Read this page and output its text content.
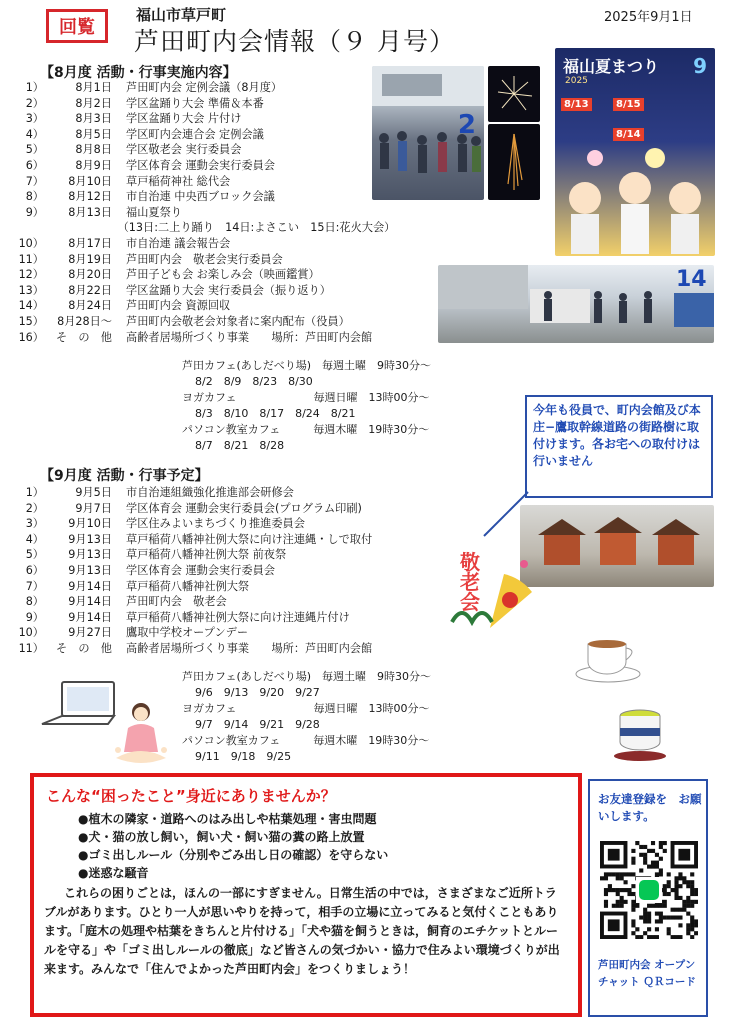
回覧
福山市草戸町
芦田町内会情報（９ 月号）
2025年9月1日
【8月度 活動・行事実施内容】
1）	8月1日 芦田町内会 定例会議（8月度）
2）	8月2日 学区盆踊り大会 準備＆本番
3）	8月3日 学区盆踊り大会 片付け
4）	8月5日 学区町内会連合会 定例会議
5）	8月8日 学区敬老会 実行委員会
6）	8月9日 学区体育会 運動会実行委員会
7）	8月10日 草戸稲荷神社 総代会
8）	8月12日 市自治連 中央西ブロック会議
9）	8月13日 福山夏祭り
　（13日:二上り踊り　14日:よさこい　15日:花火大会）
10）	8月17日 市自治連 議会報告会
11）	8月19日 芦田町内会　敬老会実行委員会
12）	8月20日 芦田子ども会 お楽しみ会（映画鑑賞）
13）	8月22日 学区盆踊り大会 実行委員会（振り返り）
14）	8月24日 芦田町内会 資源回収
15）	8月28日～ 芦田町内会敬老会対象者に案内配布（役員）
16）	そ　の　他 高齢者居場所づくり事業　　場所：芦田町内会館
芦田カフェ(あしだべり場)　毎週土曜　9時30分～
8/2　8/9　8/23　8/30
ヨガカフェ　　　　　　　毎週日曜　13時00分～
8/3　8/10　8/17　8/24　8/21
パソコン教室カフェ　　　毎週木曜　19時30分～
8/7　8/21　8/28
【9月度 活動・行事予定】
1）	9月5日 市自治連組織強化推進部会研修会
2）	9月7日 学区体育会 運動会実行委員会(プログラム印刷)
3）	9月10日 学区住みよいまちづくり推進委員会
4）	9月13日 草戸稲荷八幡神社例大祭に向け注連縄・しで取付
5）	9月13日 草戸稲荷八幡神社例大祭 前夜祭
6）	9月13日 学区体育会 運動会実行委員会
7）	9月14日 草戸稲荷八幡神社例大祭
8）	9月14日 芦田町内会　敬老会
9）	9月14日 草戸稲荷八幡神社例大祭に向け注連縄片付け
10）	9月27日 鷹取中学校オープンデー
11）	そ　の　他 高齢者居場所づくり事業　　場所：芦田町内会館
芦田カフェ(あしだべり場)　毎週土曜　9時30分～
9/6　9/13　9/20　9/27
ヨガカフェ　　　　　　　毎週日曜　13時00分～
9/7　9/14　9/21　9/28
パソコン教室カフェ　　　毎週木曜　19時30分～
9/11　9/18　9/25
2
福山夏まつり
2025
9
8/13	8/15
8/14
14
今年も役員で、町内会館及び本庄−鷹取幹線道路の街路樹に取付けます。各お宅への取付けは行いません
敬老会
こんな“困ったこと”身近にありませんか？
●植木の隣家・道路へのはみ出しや枯葉処理・害虫問題
●犬・猫の放し飼い，飼い犬・飼い猫の糞の路上放置
●ゴミ出しルール（分別やごみ出し日の確認）を守らない
●迷惑な騒音
これらの困りごとは，ほんの一部にすぎません。日常生活の中では，さまざまなご近所トラブルがあります。ひとり一人が思いやりを持って，相手の立場に立ってみると気付くこともあります。「庭木の処理や枯葉をきちんと片付ける」「犬や猫を飼うときは，飼育のエチケットとルールを守る」や「ゴミ出しルールの徹底」など皆さんの気づかい・協力で住みよい環境づくりが出来ます。みんなで「住んでよかった芦田町内会」をつくりましょう！
お友達登録を　お願いします。
芦田町内会 オープンチャット ＱＲコード
